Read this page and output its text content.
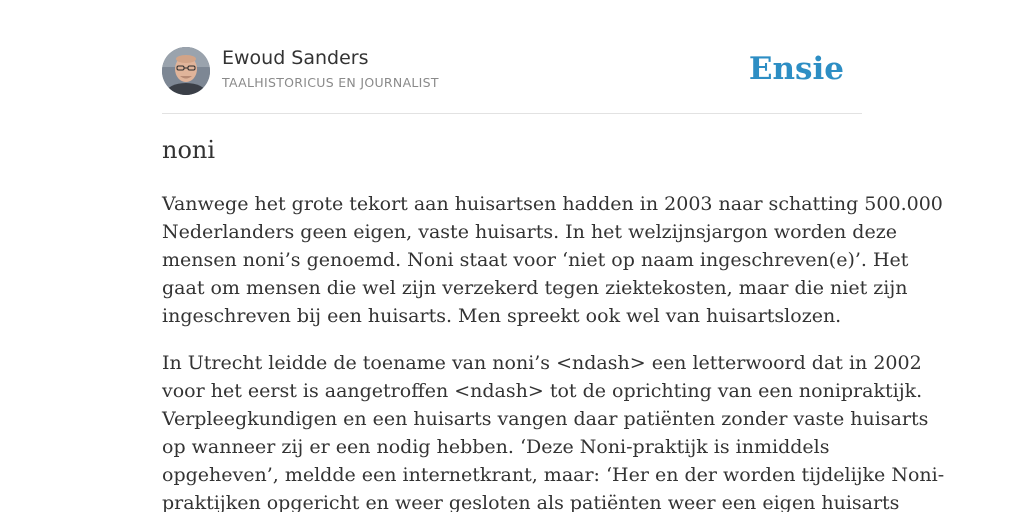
Ewoud Sanders
TAALHISTORICUS EN JOURNALIST	Ensie
noni

Vanwege het grote tekort aan huisartsen hadden in 2003 naar schatting 500.000
Nederlanders geen eigen, vaste huisarts. In het welzijnsjargon worden deze
mensen noni’s genoemd. Noni staat voor ‘niet op naam ingeschreven(e)’. Het
gaat om mensen die wel zijn verzekerd tegen ziektekosten, maar die niet zijn
ingeschreven bij een huisarts. Men spreekt ook wel van huisartslozen.

In Utrecht leidde de toename van noni’s <ndash> een letterwoord dat in 2002
voor het eerst is aangetroffen <ndash> tot de oprichting van een nonipraktijk.
Verpleegkundigen en een huisarts vangen daar patiënten zonder vaste huisarts
op wanneer zij er een nodig hebben. ‘Deze Noni-praktijk is inmiddels
opgeheven’, meldde een internetkrant, maar: ‘Her en der worden tijdelijke Noni-
praktijken opgericht en weer gesloten als patiënten weer een eigen huisarts
